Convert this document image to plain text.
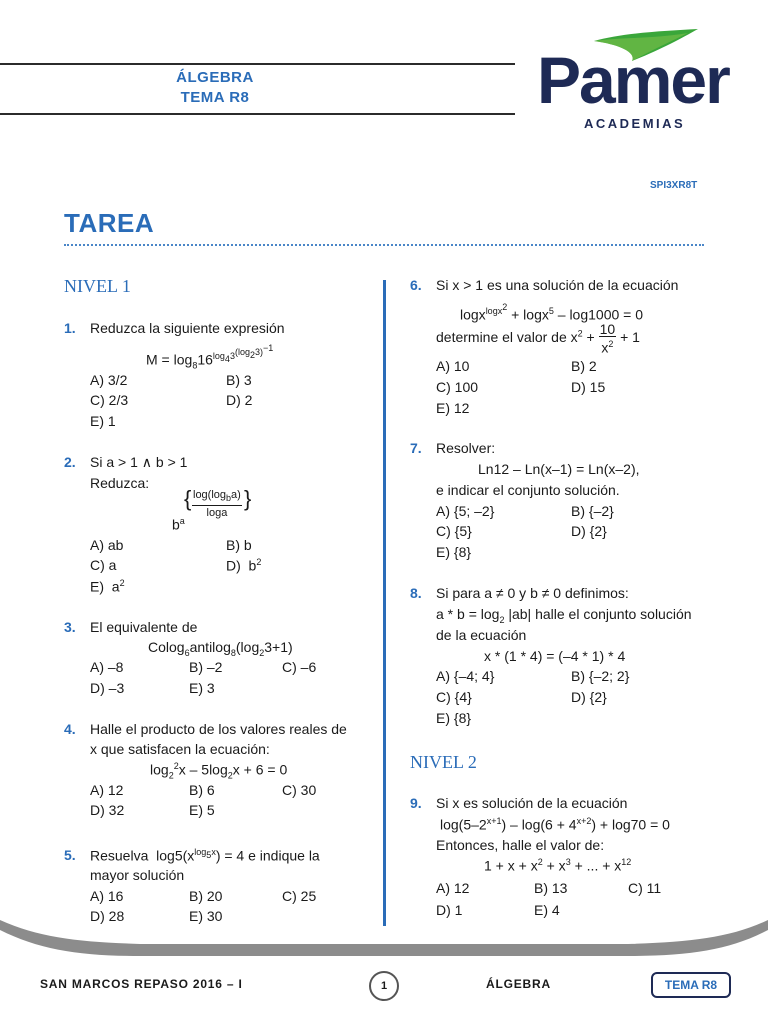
ÁLGEBRA
TEMA R8	Pamer
ACADEMIAS
SPI3XR8T
TAREA
NIVEL 1
1. Reduzca la siguiente expresión
$M = \log_816^{log_43^{(log_23)^{-1}}}$
A) 3/2	B) 3
C) 2/3	D) 2
E) 1
2. Si a > 1 ∧ b > 1
Reduzca:
$b^a$
{ $\frac{\log(\log_ba)}{\log a}$ }
A) ab	B) b
C) a	D)  $b^2$
E)  $a^2$
3. El equivalente de
$Colog_6antilog_8(\log_23+1)$
A) –8	B) –2	C) –6
D) –3	E) 3
4. Halle el producto de los valores reales de
x que satisfacen la ecuación:
$\log_2^2x - 5\log_2x + 6 = 0$
A) 12	B) 6	C) 30
D) 32	E) 5
5. Resuelva  $\log 5(x^{log_5x}) = 4$ e indique la
mayor solución
A) 16	B) 20	C) 25
D) 28	E) 30
6. Si x > 1 es una solución de la ecuación
logx$^{logx^2}$ + logx$^5$ – log1000 = 0
determine el valor de $x^2 + \frac{10}{x^2} + 1$
A) 10	B) 2
C) 100	D) 15
E) 12
7. Resolver:
Ln12 – Ln(x–1) = Ln(x–2),
e indicar el conjunto solución.
A) {5; –2}	B) {–2}
C) {5}	D) {2}
E) {8}
8. Si para a ≠ 0 y b ≠ 0 definimos:
$a * b = \log_2 |ab|$ halle el conjunto solución
de la ecuación
x * (1 * 4) = (–4 * 1) * 4
A) {–4; 4}	B) {–2; 2}
C) {4}	D) {2}
E) {8}
NIVEL 2
9. Si x es solución de la ecuación
$\log(5-2^{x+1}) - \log(6 + 4^{x+2}) + \log 70 = 0$
Entonces, halle el valor de:
$1 + x + x^2 + x^3$ + ... + $x^{12}$
A) 12	B) 13	C) 11
D) 1	E) 4
SAN MARCOS REPASO 2016 – I	1	ÁLGEBRA	TEMA R8
